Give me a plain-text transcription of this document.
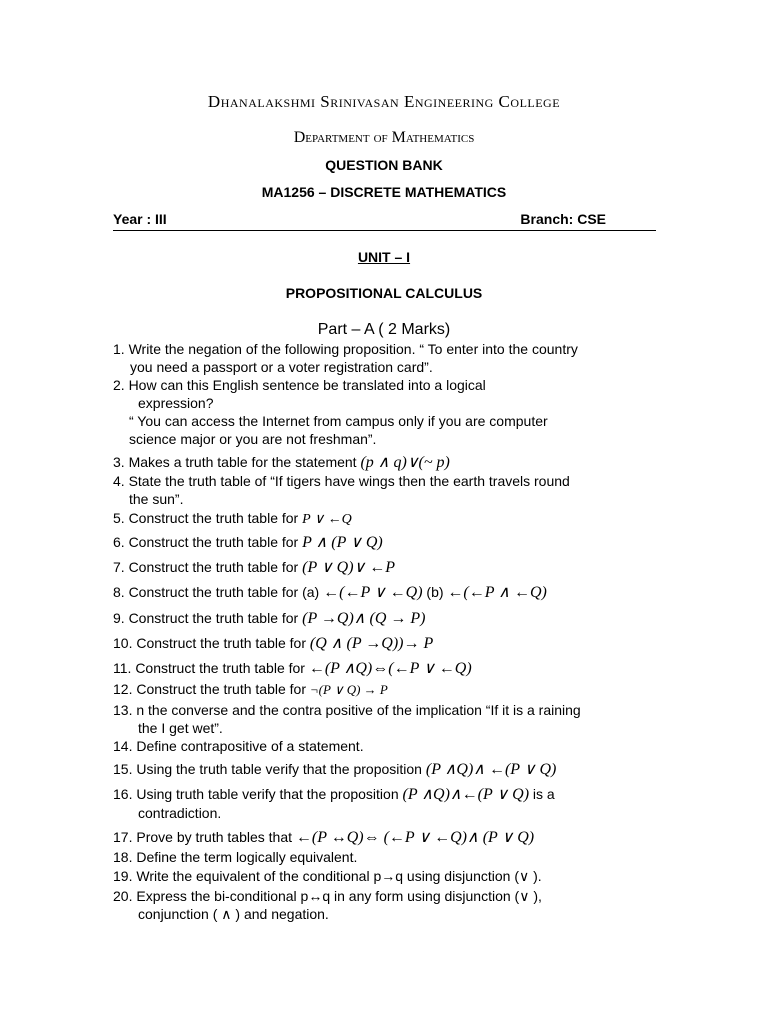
Dhanalakshmi Srinivasan Engineering College
Department of Mathematics
QUESTION BANK
MA1256 – DISCRETE MATHEMATICS
Year : III	Branch: CSE
UNIT – I
PROPOSITIONAL CALCULUS
Part – A ( 2 Marks)
1. Write the negation of the following proposition. “ To enter into the country
you need a passport or a voter registration card”.
2. How can this English sentence be translated into a logical
expression?
“ You can access the Internet from campus only if you are computer
science major or you are not freshman”.
3. Makes a truth table for the statement (p ∧ q)∨(~ p)
4. State the truth table of “If tigers have wings then the earth travels round
the sun”.
5. Construct the truth table for P ∨ ←Q
6. Construct the truth table for P ∧ (P ∨ Q)
7. Construct the truth table for (P ∨ Q)∨ ←P
8. Construct the truth table for (a) ←(←P ∨ ←Q) (b) ←(←P ∧ ←Q)
9. Construct the truth table for (P →Q)∧ (Q → P)
10. Construct the truth table for (Q ∧ (P →Q))→ P
11. Construct the truth table for ←(P ∧Q)⇔(←P ∨ ←Q)
12. Construct the truth table for ¬(P ∨ Q) → P
13. n the converse and the contra positive of the implication “If it is a raining
the I get wet”.
14. Define contrapositive of a statement.
15. Using the truth table verify that the proposition (P ∧Q)∧ ←(P ∨ Q)
16. Using truth table verify that the proposition (P ∧Q)∧←(P ∨ Q) is a
contradiction.
17. Prove by truth tables that ←(P ↔Q)⇔ (←P ∨ ←Q)∧ (P ∨ Q)
18. Define the term logically equivalent.
19. Write the equivalent of the conditional p→q using disjunction (∨ ).
20. Express the bi-conditional p↔q in any form using disjunction (∨ ),
conjunction ( ∧ ) and negation.
